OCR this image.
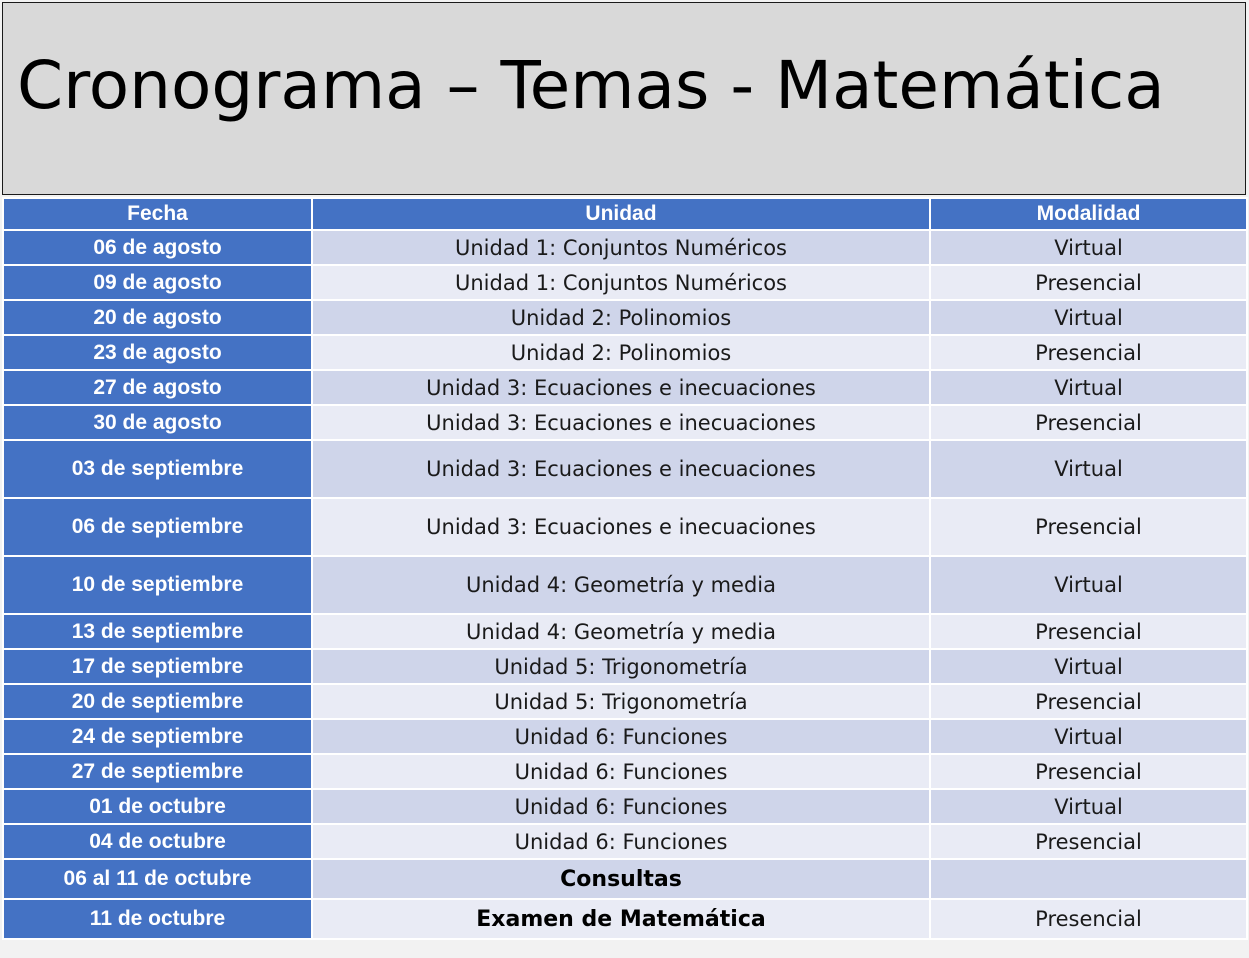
Cronograma – Temas - Matemática
Fecha	Unidad	Modalidad
06 de agosto	Unidad 1: Conjuntos Numéricos	Virtual
09 de agosto	Unidad 1: Conjuntos Numéricos	Presencial
20 de agosto	Unidad 2: Polinomios	Virtual
23 de agosto	Unidad 2: Polinomios	Presencial
27 de agosto	Unidad 3: Ecuaciones e inecuaciones	Virtual
30 de agosto	Unidad 3: Ecuaciones e inecuaciones	Presencial
03 de septiembre	Unidad 3: Ecuaciones e inecuaciones	Virtual
06 de septiembre	Unidad 3: Ecuaciones e inecuaciones	Presencial
10 de septiembre	Unidad 4: Geometría y media	Virtual
13 de septiembre	Unidad 4: Geometría y media	Presencial
17 de septiembre	Unidad 5: Trigonometría	Virtual
20 de septiembre	Unidad 5: Trigonometría	Presencial
24 de septiembre	Unidad 6: Funciones	Virtual
27 de septiembre	Unidad 6: Funciones	Presencial
01 de octubre	Unidad 6: Funciones	Virtual
04 de octubre	Unidad 6: Funciones	Presencial
06 al 11 de octubre	Consultas	
11 de octubre	Examen de Matemática	Presencial
